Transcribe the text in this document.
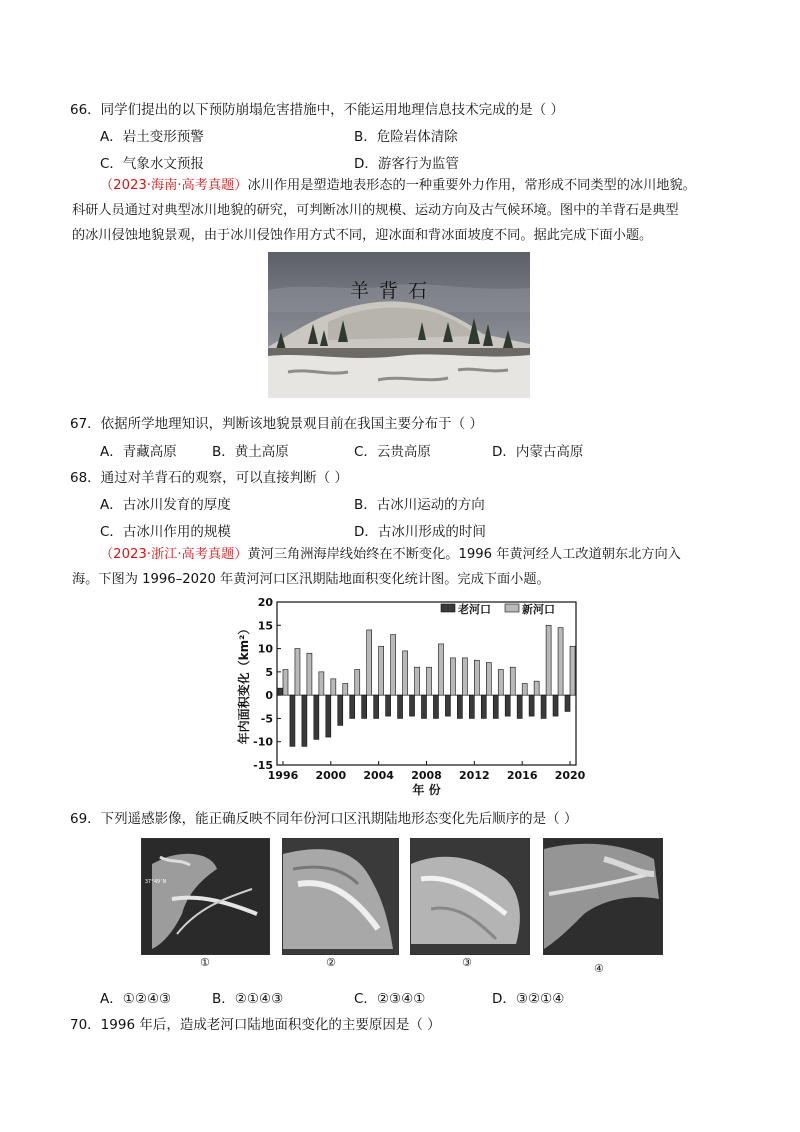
66．同学们提出的以下预防崩塌危害措施中，不能运用地理信息技术完成的是（ ）
A．岩土变形预警	B．危险岩体清除
C．气象水文预报	D．游客行为监管
（2023·海南·高考真题）冰川作用是塑造地表形态的一种重要外力作用，常形成不同类型的冰川地貌。
科研人员通过对典型冰川地貌的研究，可判断冰川的规模、运动方向及古气候环境。图中的羊背石是典型
的冰川侵蚀地貌景观，由于冰川侵蚀作用方式不同，迎冰面和背冰面坡度不同。据此完成下面小题。
羊背石
67．依据所学地理知识，判断该地貌景观目前在我国主要分布于（ ）
A．青藏高原	B．黄土高原	C．云贵高原	D．内蒙古高原
68．通过对羊背石的观察，可以直接判断（ ）
A．古冰川发育的厚度	B．古冰川运动的方向
C．古冰川作用的规模	D．古冰川形成的时间
（2023·浙江·高考真题）黄河三角洲海岸线始终在不断变化。1996 年黄河经人工改道朝东北方向入
海。下图为 1996–2020 年黄河河口区汛期陆地面积变化统计图。完成下面小题。
20
15
10
5
0
-5
-10
-15
1996 2000 2004 2008 2012 2016 2020
老河口	新河口
年 份
年内面积变化（km²）
69．下列遥感影像，能正确反映不同年份河口区汛期陆地形态变化先后顺序的是（ ）
37°49'N
①	②	③	④
A．①②④③	B．②①④③	C．②③④①	D．③②①④
70．1996 年后，造成老河口陆地面积变化的主要原因是（ ）
